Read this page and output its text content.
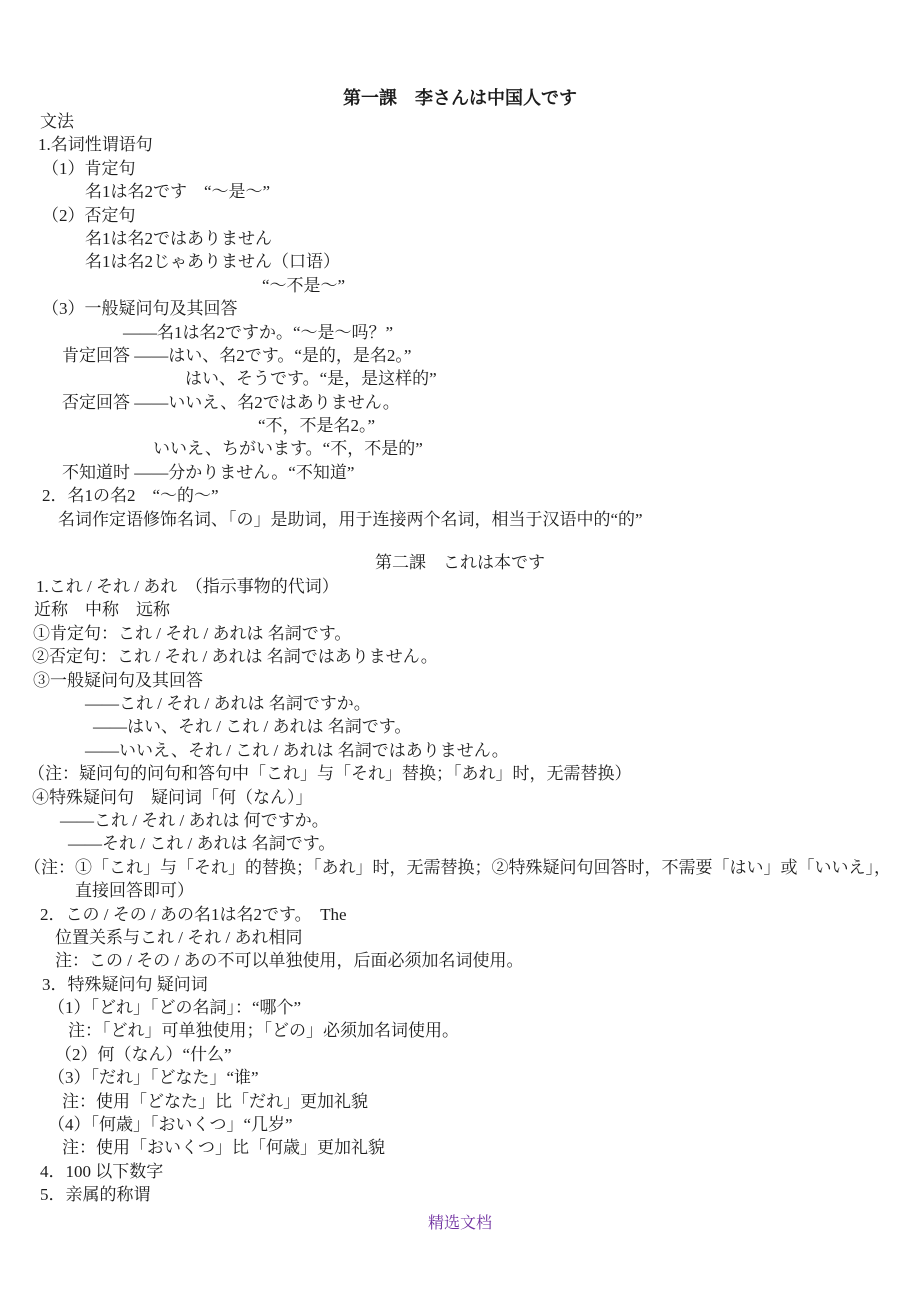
第一課　李さんは中国人です
文法
1.名词性谓语句
（1）肯定句
名1は名2です　“～是～”
（2）否定句
名1は名2ではありません
名1は名2じゃありません（口语）
“～不是～”
（3）一般疑问句及其回答
——名1は名2ですか。“～是～吗？”
肯定回答 ——はい、名2です。“是的，是名2。”
はい、そうです。“是，是这样的”
否定回答 ——いいえ、名2ではありません。
“不，不是名2。”
いいえ、ちがいます。“不，不是的”
不知道时 ——分かりません。“不知道”
2．名1の名2　“～的～”
名词作定语修饰名词、「の」是助词，用于连接两个名词，相当于汉语中的“的”
第二課　これは本です
1.これ / それ / あれ　（指示事物的代词）
近称　中称　远称
①肯定句：これ / それ / あれは 名詞です。
②否定句：これ / それ / あれは 名詞ではありません。
③一般疑问句及其回答
——これ / それ / あれは 名詞ですか。
——はい、それ / これ / あれは 名詞です。
——いいえ、それ / これ / あれは 名詞ではありません。
（注：疑问句的问句和答句中「これ」与「それ」替换；「あれ」时，无需替换）
④特殊疑问句　疑问词「何（なん）」
——これ / それ / あれは 何ですか。
——それ / これ / あれは 名詞です。
（注：①「これ」与「それ」的替换；「あれ」时，无需替换；②特殊疑问句回答时，不需要「はい」或「いいえ」，
直接回答即可）
2．この / その / あの名1は名2です。　The
位置关系与これ / それ / あれ相同
注：この / その / あの不可以单独使用，后面必须加名词使用。
3．特殊疑问句 疑问词
（1）「どれ」「どの名詞」：“哪个”
注：「どれ」可单独使用；「どの」必须加名词使用。
（2）何（なん）“什么”
（3）「だれ」「どなた」“谁”
注：使用「どなた」比「だれ」更加礼貌
（4）「何歳」「おいくつ」“几岁”
注：使用「おいくつ」比「何歳」更加礼貌
4．100 以下数字
5．亲属的称谓
精选文档
